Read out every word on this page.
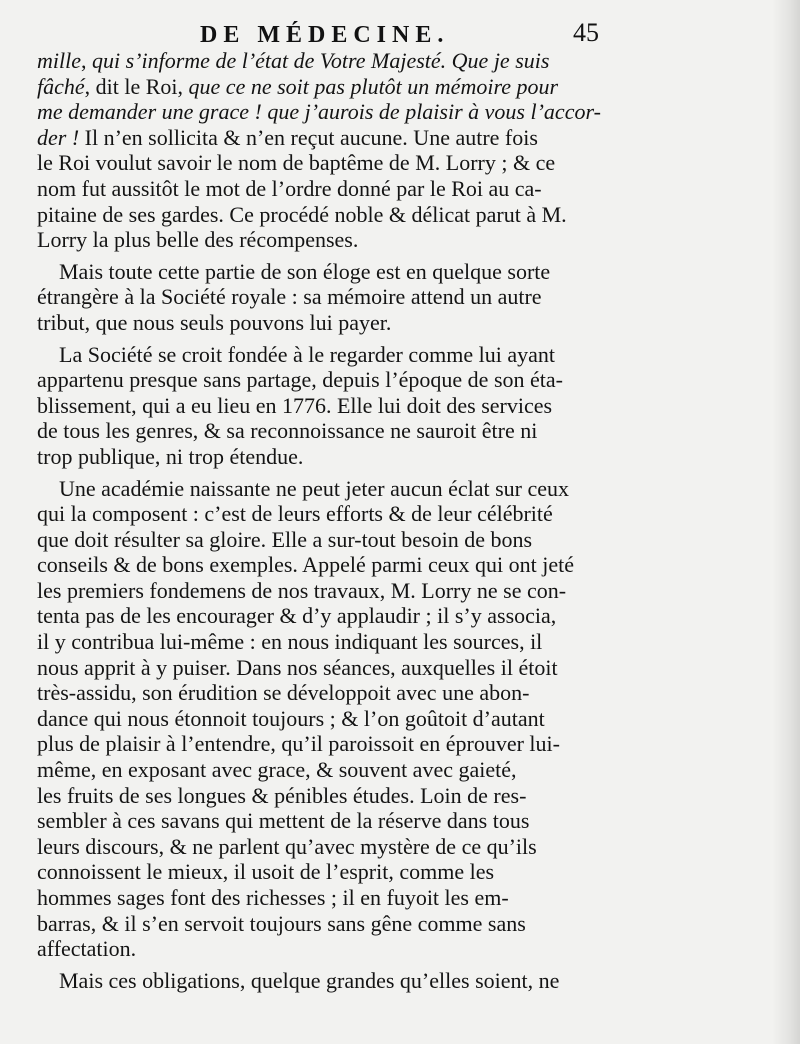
DE MÉDECINE.	45
mille, qui s’informe de l’état de Votre Majesté. Que je suis
fâché, dit le Roi, que ce ne soit pas plutôt un mémoire pour
me demander une grace ! que j’aurois de plaisir à vous l’accor-
der ! Il n’en sollicita & n’en reçut aucune. Une autre fois
le Roi voulut savoir le nom de baptême de M. Lorry ; & ce
nom fut aussitôt le mot de l’ordre donné par le Roi au ca-
pitaine de ses gardes. Ce procédé noble & délicat parut à M.
Lorry la plus belle des récompenses.
Mais toute cette partie de son éloge est en quelque sorte
étrangère à la Société royale : sa mémoire attend un autre
tribut, que nous seuls pouvons lui payer.
La Société se croit fondée à le regarder comme lui ayant
appartenu presque sans partage, depuis l’époque de son éta-
blissement, qui a eu lieu en 1776. Elle lui doit des services
de tous les genres, & sa reconnoissance ne sauroit être ni
trop publique, ni trop étendue.
Une académie naissante ne peut jeter aucun éclat sur ceux
qui la composent : c’est de leurs efforts & de leur célébrité
que doit résulter sa gloire. Elle a sur-tout besoin de bons
conseils & de bons exemples. Appelé parmi ceux qui ont jeté
les premiers fondemens de nos travaux, M. Lorry ne se con-
tenta pas de les encourager & d’y applaudir ; il s’y associa,
il y contribua lui-même : en nous indiquant les sources, il
nous apprit à y puiser. Dans nos séances, auxquelles il étoit
très-assidu, son érudition se développoit avec une abon-
dance qui nous étonnoit toujours ; & l’on goûtoit d’autant
plus de plaisir à l’entendre, qu’il paroissoit en éprouver lui-
même, en exposant avec grace, & souvent avec gaieté,
les fruits de ses longues & pénibles études. Loin de res-
sembler à ces savans qui mettent de la réserve dans tous
leurs discours, & ne parlent qu’avec mystère de ce qu’ils
connoissent le mieux, il usoit de l’esprit, comme les
hommes sages font des richesses ; il en fuyoit les em-
barras, & il s’en servoit toujours sans gêne comme sans
affectation.
Mais ces obligations, quelque grandes qu’elles soient, ne
